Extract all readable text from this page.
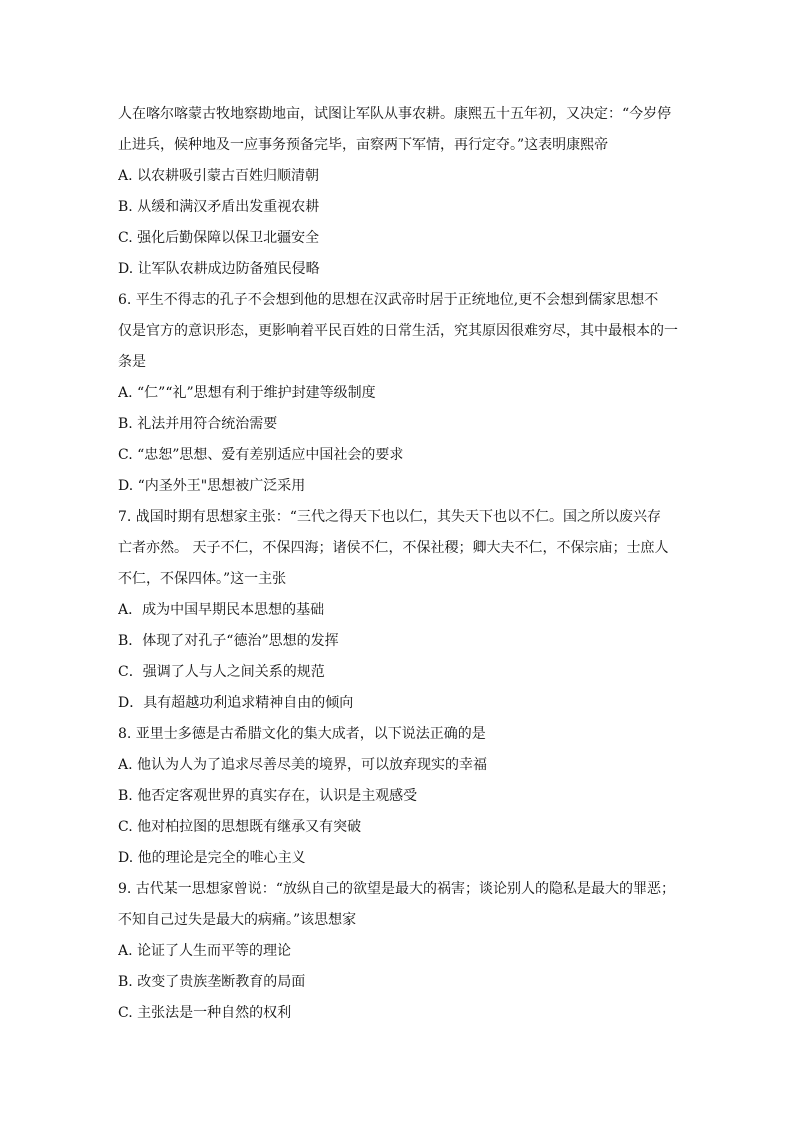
人在喀尔喀蒙古牧地察勘地亩，试图让军队从事农耕。康熙五十五年初，又决定：“今岁停
止进兵，候种地及一应事务预备完毕，亩察两下军情，再行定夺。”这表明康熙帝
A. 以农耕吸引蒙古百姓归顺清朝
B. 从缓和满汉矛盾出发重视农耕
C. 强化后勤保障以保卫北疆安全
D. 让军队农耕成边防备殖民侵略
6. 平生不得志的孔子不会想到他的思想在汉武帝时居于正统地位,更不会想到儒家思想不
仅是官方的意识形态，更影响着平民百姓的日常生活，究其原因很难穷尽，其中最根本的一
条是
A. “仁”“礼”思想有利于维护封建等级制度
B. 礼法并用符合统治需要
C. “忠恕”思想、爱有差别适应中国社会的要求
D. “内圣外王"思想被广泛采用
7. 战国时期有思想家主张：“三代之得天下也以仁，其失天下也以不仁。国之所以废兴存
亡者亦然。 天子不仁，不保四海；诸侯不仁，不保社稷；卿大夫不仁，不保宗庙；士庶人
不仁，不保四体。”这一主张
A．成为中国早期民本思想的基础
B．体现了对孔子“德治”思想的发挥
C．强调了人与人之间关系的规范
D．具有超越功利追求精神自由的倾向
8. 亚里士多德是古希腊文化的集大成者，以下说法正确的是
A. 他认为人为了追求尽善尽美的境界，可以放弃现实的幸福
B. 他否定客观世界的真实存在，认识是主观感受
C. 他对柏拉图的思想既有继承又有突破
D. 他的理论是完全的唯心主义
9. 古代某一思想家曾说：“放纵自己的欲望是最大的祸害；谈论别人的隐私是最大的罪恶；
不知自己过失是最大的病痛。”该思想家
A. 论证了人生而平等的理论
B. 改变了贵族垄断教育的局面
C. 主张法是一种自然的权利
